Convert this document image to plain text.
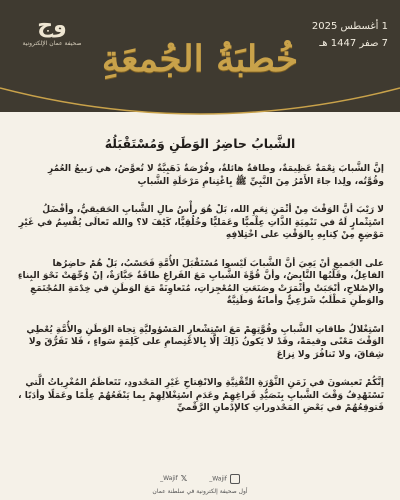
وج
صحيفة عمان الإلكترونية
1 أغسطس 2025
7 صفر 1447 هـ
خُطبَةُ الجُمعَةِ
الشَّبابُ حاضِرُ الوَطَنِ وَمُسْتَقْبَلُهُ

إنَّ الشَّبابَ نِعْمَةٌ عَظِيمَةٌ، وطاقةٌ هائلةٌ، وفُرْصَةٌ ذَهَبِيَّةٌ لا تُعوَّضُ، هي رَبيعُ العُمُرِ وقُوَّتُه، ولِذا جاءَ الأَمْرُ مِنَ النَّبِيِّ ﷺ بِاغْتِنامِ مَرْحَلَةِ الشَّبابِ

لا رَيْبَ أنَّ الوَقْتَ مِنْ أثْمَنِ نِعَمِ الله، بَلْ هُوَ رأْسُ مالِ الشَّبابِ الحَقيقيُّ، وأفْضَلُ اسْتِثْمارٍ لَهُ في تَنْمِيَةِ الذَّاتِ عِلْميًّا وعَمَليًّا وخُلُقِيًّا، كَيْفَ لا؟ والله تَعالَى يُقْسِمُ في غَيْرِ مَوْضِعٍ مِنْ كِتابِهِ بِالوَقْتِ على اخْتِلافِهِ

على الجَميعِ أنْ يَعِيَ أنَّ الشَّبابَ لَيْسوا مُسْتَقْبَلَ الأُمَّةِ فَحَسْبُ، بَلْ هُمْ حاضِرُها الفاعِلُ، وقَلْبُها النَّابِضُ، وأنَّ قُوَّةَ الشَّبابِ مَعَ الفَراغِ طاقَةٌ جَبَّارَةٌ، إنْ وُجِّهَتْ نَحْوَ البِناءِ والإصْلاحِ، أنْجَبَتْ وأثْمَرَتْ وصَنَعَتِ المُعْجِزاتِ، مُتَعاوِنَةً مَعَ الوَطَنِ في خِدْمَةِ المُجْتَمَعِ والوَطَنِ مَطْلَبٌ شَرْعِيٌّ وأمانَةٌ وَطَنِيَّةٌ

اسْتِغْلالُ طاقاتِ الشَّبابِ وقُوَّتِهِمْ مَعَ اسْتِشْعارِ المَسْؤوليَّةِ تِجاهَ الوَطَنِ والأُمَّةِ يُعْطِي الوَقْتَ مَعْنًى وقيمَةً، وقَدْ لا يَكونُ ذَلِكَ إلَّا بِالاعْتِصامِ على كَلِمَةٍ سَواءٍ ، فَلا تَفَرُّقَ ولا شِقاقَ، ولا تَنافُرَ ولا نِزاعَ

إنَّكُمْ تَعيشونَ في زَمَنِ الثَّوْرَةِ التِّقْنِيَّةِ والانْفِتاحِ غَيْرِ المَحْدودِ، تَتَعاظَمُ المُغْرِياتُ الَّتي تَسْتَهْدِفُ وَقْتَ الشَّبابِ بِتَصَيُّدِ فَراغِهِمْ وعَدَمِ اسْتِغْلالِهِمْ بِما يَنْفَعُهُمْ عِلْمًا وعَمَلًا وأدَبًا ، فَتوقِعُهُمْ في بَعْضِ المَحْذوراتِ كالإدْمانِ الرَّقْميِّ

Wajif_
𝕏Wajif_
أول صحيفة إلكترونية في سلطنة عمان
